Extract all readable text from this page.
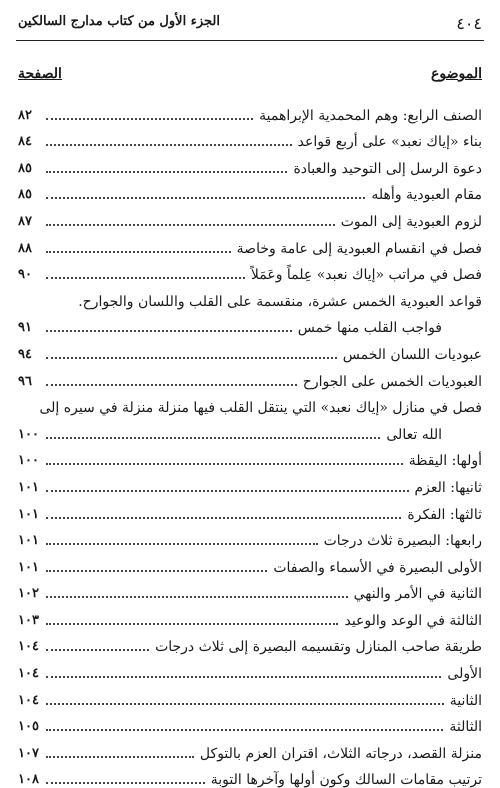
٤٠٤
الجزء الأول من كتاب مدارج السالكين
الموضوع
الصفحة
الصنف الرابع: وهم المحمدية الإبراهمية
٨٢
بناء «إياك نعبد» على أربع قواعد
٨٤
دعوة الرسل إلى التوحيد والعبادة
٨٥
مقام العبودية وأهله
٨٥
لزوم العبودية إلى الموت
٨٧
فصل في انقسام العبودية إلى عامة وخاصة
٨٨
فصل في مراتب «إياك نعبد» عِلماً وعَمَلاً
٩٠
قواعد العبودية الخمس عشرة، منقسمة على القلب واللسان والجوارح.
فواجب القلب منها خمس
٩١
عبوديات اللسان الخمس
٩٤
العبوديات الخمس على الجوارح
٩٦
فصل في منازل «إياك نعبد» التي ينتقل القلب فيها منزلة منزلة في سيره إلى
الله تعالى
١٠٠
أولها: اليقظة
١٠٠
ثانيها: العزم
١٠١
ثالثها: الفكرة
١٠١
رابعها: البصيرة ثلاث درجات
١٠١
الأولى البصيرة في الأسماء والصفات
١٠١
الثانية في الأمر والنهي
١٠٢
الثالثة في الوعد والوعيد
١٠٣
طريقة صاحب المنازل وتقسيمه البصيرة إلى ثلاث درجات
١٠٤
الأولى
١٠٤
الثانية
١٠٤
الثالثة
١٠٥
منزلة القصد، درجاته الثلاث، اقتران العزم بالتوكل
١٠٧
ترتيب مقامات السالك وكون أولها وآخرها التوبة
١٠٨
